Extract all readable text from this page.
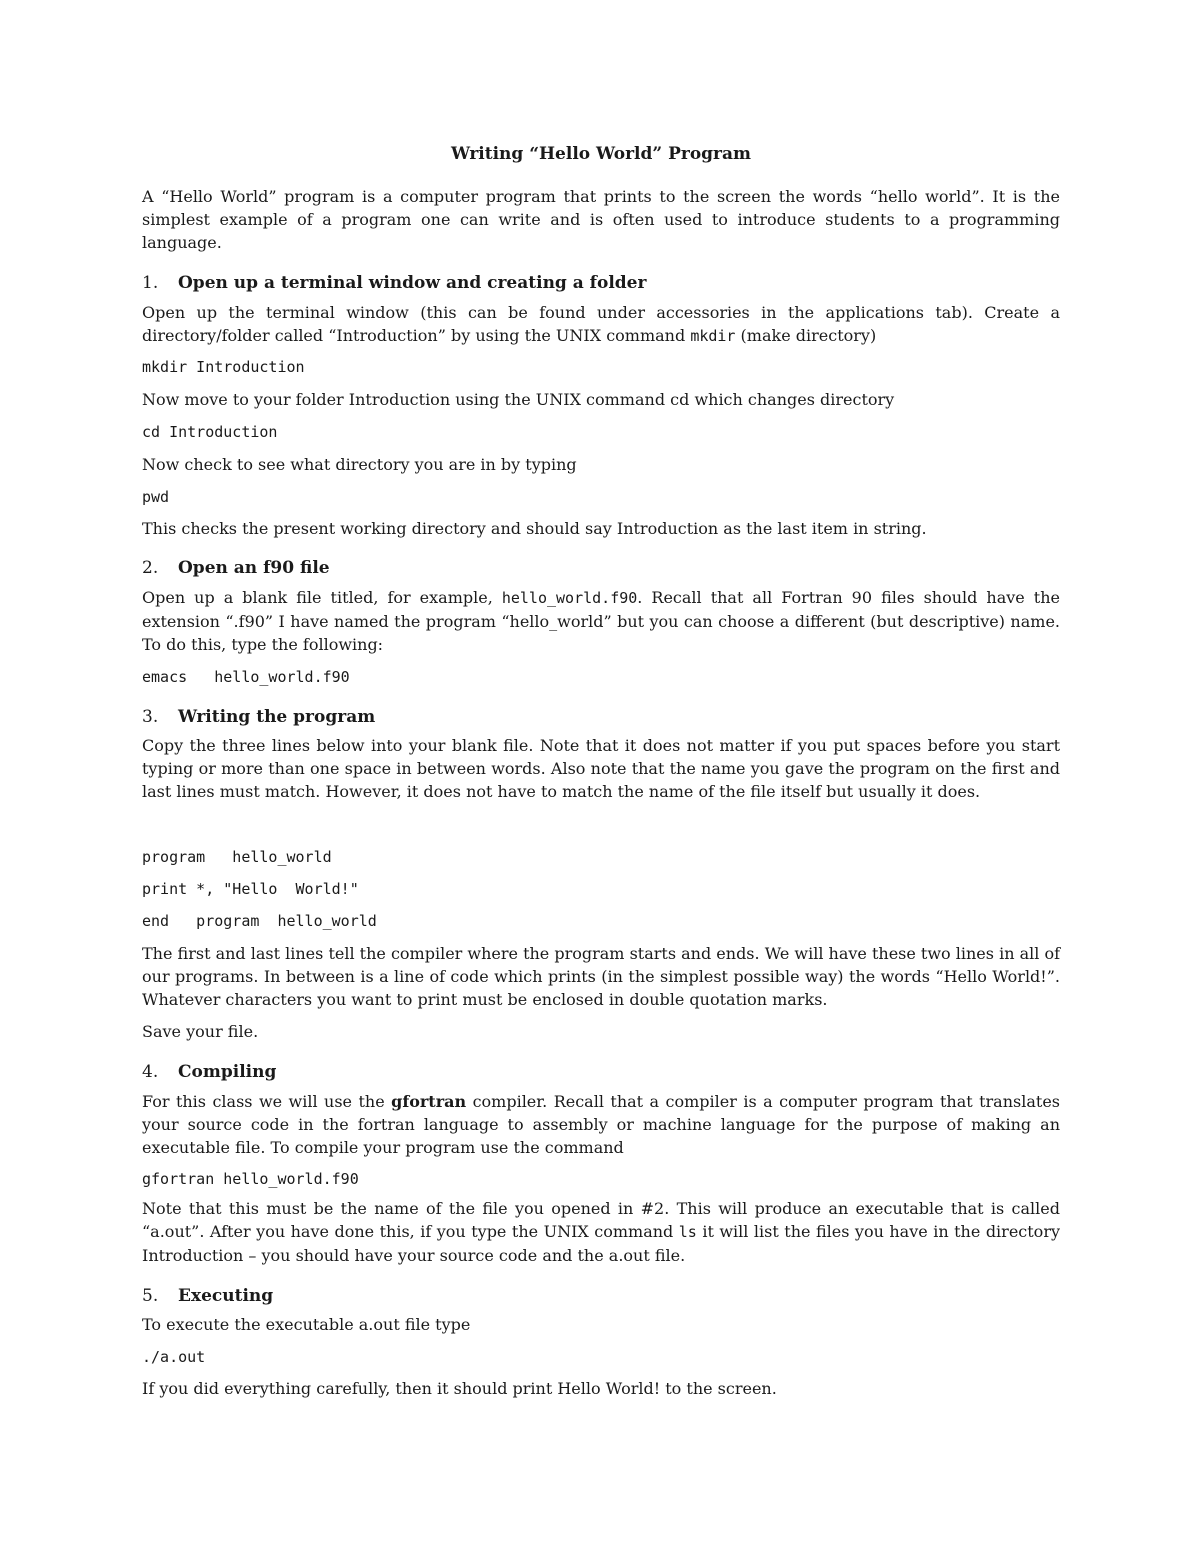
Writing “Hello World” Program

A “Hello World” program is a computer program that prints to the screen the words “hello world”. It is the simplest example of a program one can write and is often used to introduce students to a programming language.

1. Open up a terminal window and creating a folder

Open up the terminal window (this can be found under accessories in the applications tab). Create a directory/folder called “Introduction” by using the UNIX command mkdir (make directory)

mkdir Introduction

Now move to your folder Introduction using the UNIX command cd which changes directory

cd Introduction

Now check to see what directory you are in by typing

pwd

This checks the present working directory and should say Introduction as the last item in string.

2. Open an f90 file

Open up a blank file titled, for example, hello_world.f90. Recall that all Fortran 90 files should have the extension “.f90” I have named the program “hello_world” but you can choose a different (but descriptive) name. To do this, type the following:

emacs   hello_world.f90
3. Writing the program

Copy the three lines below into your blank file. Note that it does not matter if you put spaces before you start typing or more than one space in between words. Also note that the name you gave the program on the first and last lines must match. However, it does not have to match the name of the file itself but usually it does.

program   hello_world
print *, "Hello  World!"
end   program  hello_world

The first and last lines tell the compiler where the program starts and ends. We will have these two lines in all of our programs. In between is a line of code which prints (in the simplest possible way) the words “Hello World!”. Whatever characters you want to print must be enclosed in double quotation marks.

Save your file.

4. Compiling

For this class we will use the gfortran compiler. Recall that a compiler is a computer program that translates your source code in the fortran language to assembly or machine language for the purpose of making an executable file. To compile your program use the command

gfortran hello_world.f90

Note that this must be the name of the file you opened in #2. This will produce an executable that is called “a.out”. After you have done this, if you type the UNIX command ls it will list the files you have in the directory Introduction – you should have your source code and the a.out file.

5. Executing

To execute the executable a.out file type

./a.out

If you did everything carefully, then it should print Hello World! to the screen.
